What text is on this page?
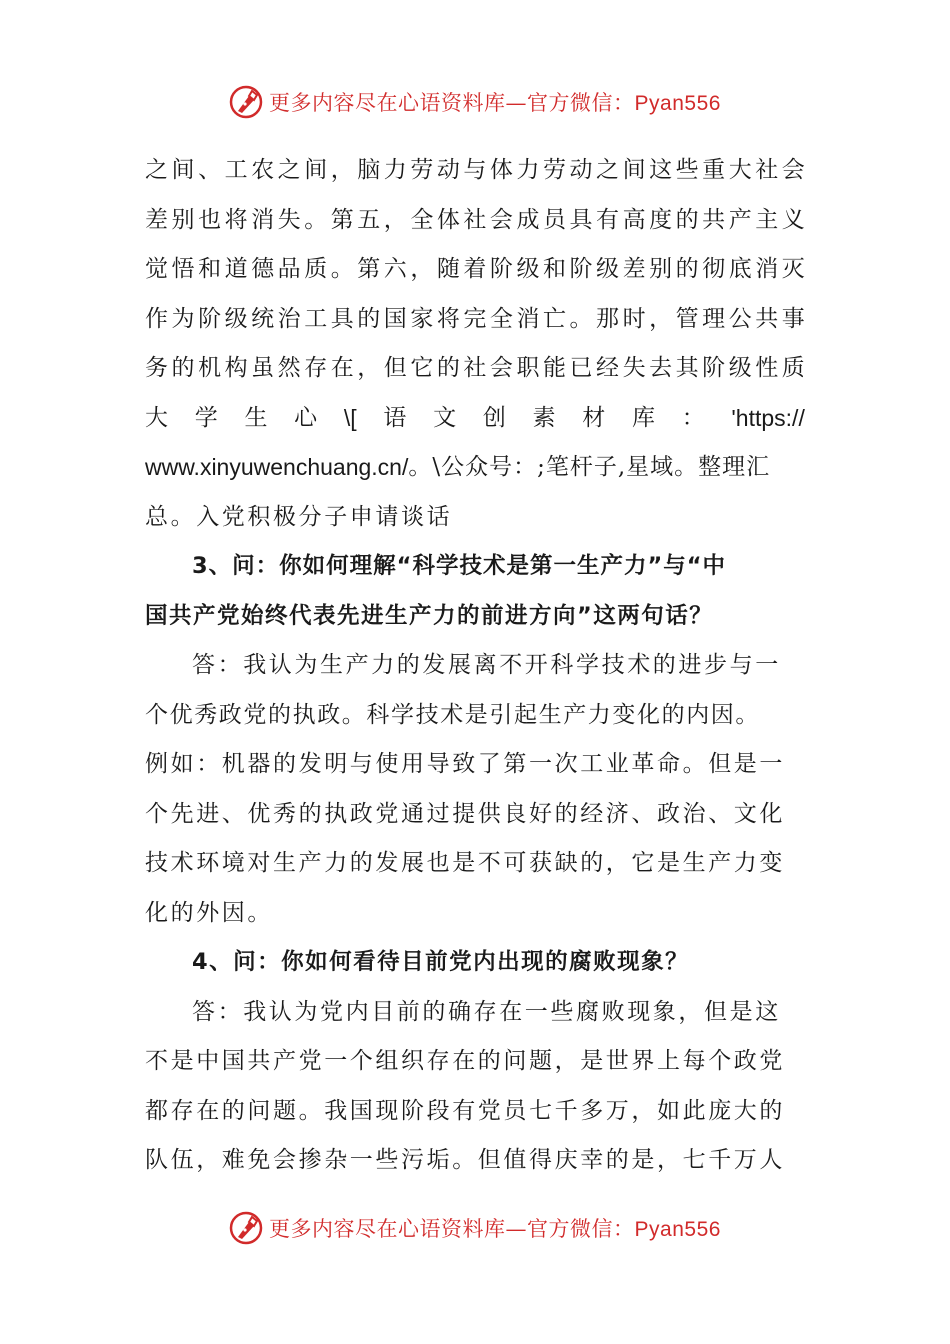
更多内容尽在心语资料库—官方微信：Pyan556
之 间 、 工 农 之 间 ， 脑 力 劳 动 与 体 力 劳 动 之 间 这 些 重 大 社 会
差 别 也 将 消 失 。 第 五 ， 全 体 社 会 成 员 具 有 高 度 的 共 产 主 义
觉 悟 和 道 德 品 质 。 第 六 ， 随 着 阶 级 和 阶 级 差 别 的 彻 底 消 灭
作 为 阶 级 统 治 工 具 的 国 家 将 完 全 消 亡 。 那 时 ， 管 理 公 共 事
务 的 机 构 虽 然 存 在 ， 但 它 的 社 会 职 能 已 经 失 去 其 阶 级 性 质
大 学 生 心 \[ 语 文 创 素 材 库 ： 'https://
www.xinyuwenchuang.cn/ 。\公众号：;笔杆子,星域。整理汇
总。入党积极分子申请谈话
3、问：你如何理解“科学技术是第一生产力”与“中
国共产党始终代表先进生产力的前进方向”这两句话？
答：我认为生产力的发展离不开科学技术的进步与一
个优秀政党的执政。科学技术是引起生产力变化的内因。
例如：机器的发明与使用导致了第一次工业革命。但是一
个先进、优秀的执政党通过提供良好的经济、政治、文化
技术环境对生产力的发展也是不可获缺的，它是生产力变
化的外因。
4、问：你如何看待目前党内出现的腐败现象？
答：我认为党内目前的确存在一些腐败现象，但是这
不是中国共产党一个组织存在的问题，是世界上每个政党
都存在的问题。我国现阶段有党员七千多万，如此庞大的
队伍，难免会掺杂一些污垢。但值得庆幸的是，七千万人
更多内容尽在心语资料库—官方微信：Pyan556
